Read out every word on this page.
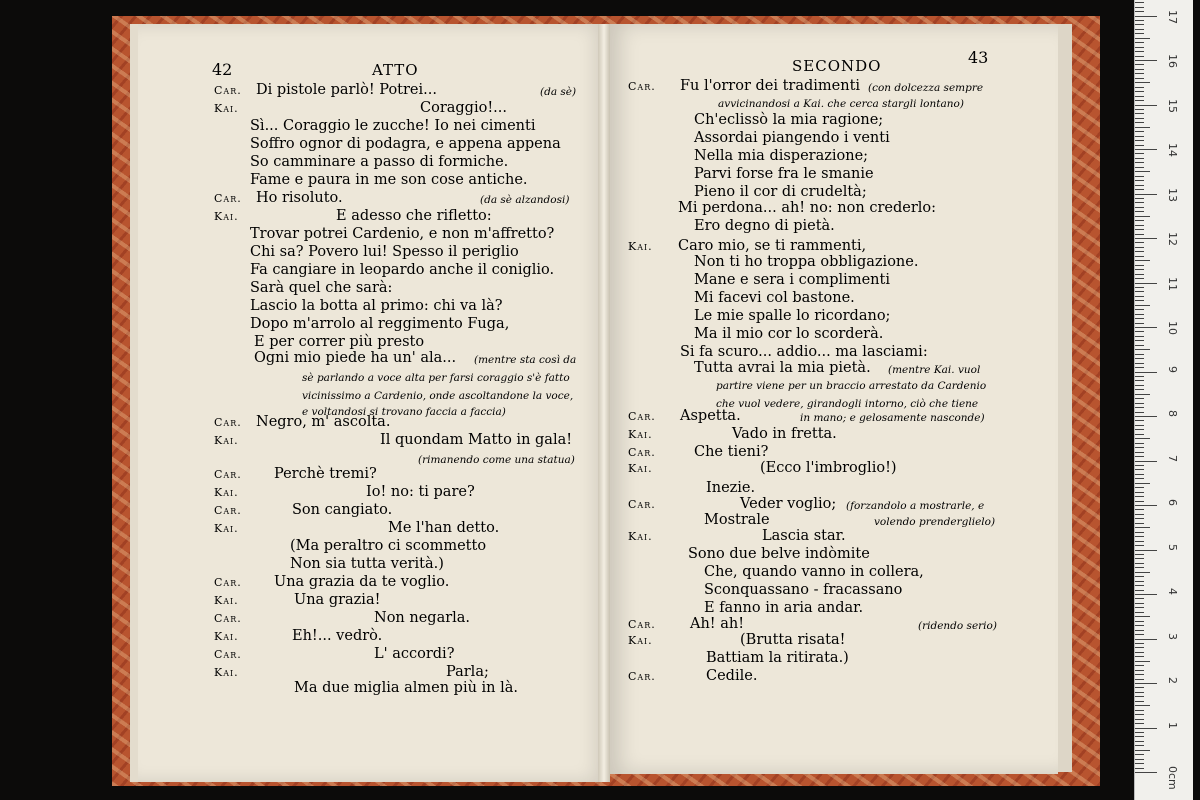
42	ATTO	SECONDO	43
Car. Di pistole parlò! Potrei...	(da sè)
Kai.	Coraggio!...
Sì... Coraggio le zucche! Io nei cimenti
Soffro ognor di podagra, e appena appena
So camminare a passo di formiche.
Fame e paura in me son cose antiche.
Car. Ho risoluto.	(da sè alzandosi)
Kai.	E adesso che rifletto:
Trovar potrei Cardenio, e non m'affretto?
Chi sa? Povero lui! Spesso il periglio
Fa cangiare in leopardo anche il coniglio.
Sarà quel che sarà:
Lascio la botta al primo: chi va là?
Dopo m'arrolo al reggimento Fuga,
E per correr più presto
Ogni mio piede ha un' ala... (mentre sta così da
sè parlando a voce alta per farsi coraggio s'è fatto
vicinissimo a Cardenio, onde ascoltandone la voce,
e voltandosi si trovano faccia a faccia)
Car. Negro, m' ascolta.
Kai.	Il quondam Matto in gala!
(rimanendo come una statua)
Car. Perchè tremi?
Kai.	Io! no: ti pare?
Car.	Son cangiato.
Kai.	Me l'han detto.
(Ma peraltro ci scommetto
Non sia tutta verità.)
Car. Una grazia da te voglio.
Kai.	Una grazia!
Car.	Non negarla.
Kai.	Eh!... vedrò.
Car.	L' accordi?
Kai.	Parla;
Ma due miglia almen più in là.
Car. Fu l'orror dei tradimenti (con dolcezza sempre
avvicinandosi a Kai. che cerca stargli lontano)
Ch'eclissò la mia ragione;
Assordai piangendo i venti
Nella mia disperazione;
Parvi forse fra le smanie
Pieno il cor di crudeltà;
Mi perdona... ah! no: non crederlo:
Ero degno di pietà.
Kai. Caro mio, se ti rammenti,
Non ti ho troppa obbligazione.
Mane e sera i complimenti
Mi facevi col bastone.
Le mie spalle lo ricordano;
Ma il mio cor lo scorderà.
Si fa scuro... addio... ma lasciami:
Tutta avrai la mia pietà. (mentre Kai. vuol
partire viene per un braccio arrestato da Cardenio
che vuol vedere, girandogli intorno, ciò che tiene
Car. Aspetta.	in mano; e gelosamente nasconde)
Kai.	Vado in fretta.
Car.	Che tieni?
Kai.	(Ecco l'imbroglio!)
Inezie.
Car.	Veder voglio; (forzandolo a mostrarle, e
Mostrale	volendo prenderglielo)
Kai.	Lascia star.
Sono due belve indòmite
Che, quando vanno in collera,
Sconquassano - fracassano
E fanno in aria andar.
Car. Ah! ah!	(ridendo serio)
Kai.	(Brutta risata!
Battiam la ritirata.)
Car.	Cedile.
0cm
1
2
3
4
5
6
7
8
9
10
11
12
13
14
15
16
17
